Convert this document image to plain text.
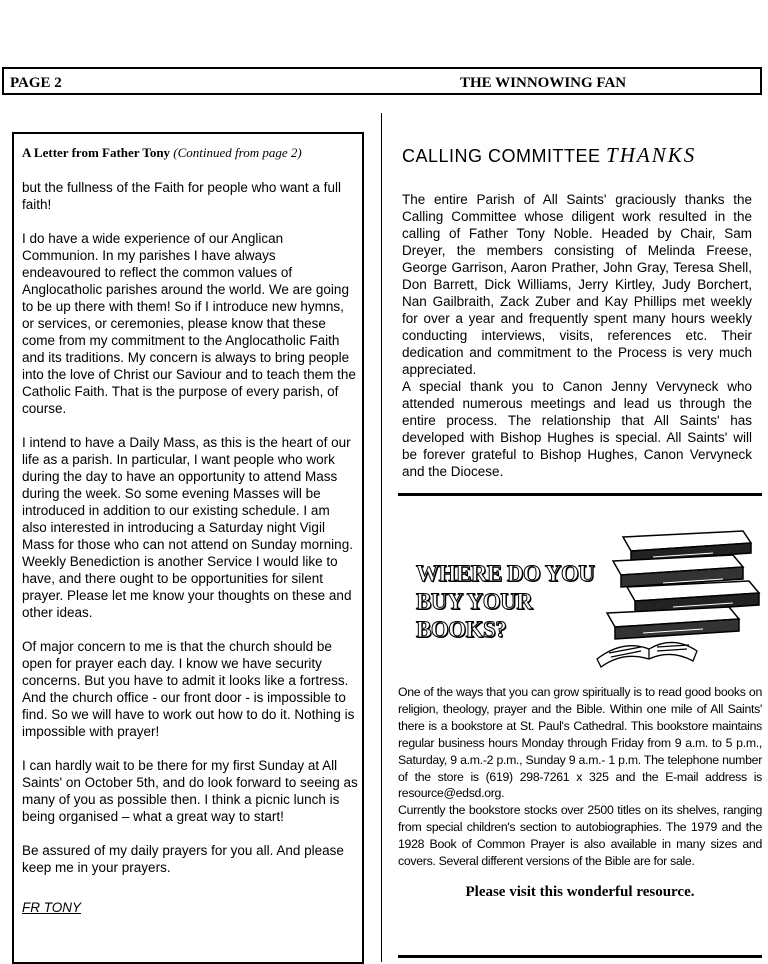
PAGE 2	THE WINNOWING FAN
A Letter from Father Tony (Continued from page 2)

but the fullness of the Faith for people who want a full faith!

I do have a wide experience of our Anglican Communion. In my parishes I have always endeavoured to reflect the common values of Anglocatholic parishes around the world. We are going to be up there with them! So if I introduce new hymns, or services, or ceremonies, please know that these come from my commitment to the Anglocatholic Faith and its traditions. My concern is always to bring people into the love of Christ our Saviour and to teach them the Catholic Faith. That is the purpose of every parish, of course.

I intend to have a Daily Mass, as this is the heart of our life as a parish. In particular, I want people who work during the day to have an opportunity to attend Mass during the week. So some evening Masses will be introduced in addition to our existing schedule. I am also interested in introducing a Saturday night Vigil Mass for those who can not attend on Sunday morning. Weekly Benediction is another Service I would like to have, and there ought to be opportunities for silent prayer. Please let me know your thoughts on these and other ideas.

Of major concern to me is that the church should be open for prayer each day. I know we have security concerns. But you have to admit it looks like a fortress. And the church office - our front door - is impossible to find. So we will have to work out how to do it. Nothing is impossible with prayer!

I can hardly wait to be there for my first Sunday at All Saints' on October 5th, and do look forward to seeing as many of you as possible then. I think a picnic lunch is being organised – what a great way to start!

Be assured of my daily prayers for you all. And please keep me in your prayers.

FR TONY
CALLING COMMITTEE THANKS

The entire Parish of All Saints' graciously thanks the Calling Committee whose diligent work resulted in the calling of Father Tony Noble. Headed by Chair, Sam Dreyer, the members consisting of Melinda Freese, George Garrison, Aaron Prather, John Gray, Teresa Shell, Don Barrett, Dick Williams, Jerry Kirtley, Judy Borchert, Nan Gailbraith, Zack Zuber and Kay Phillips met weekly for over a year and frequently spent many hours weekly conducting interviews, visits, references etc. Their dedication and commitment to the Process is very much appreciated.

A special thank you to Canon Jenny Vervyneck who attended numerous meetings and lead us through the entire process. The relationship that All Saints' has developed with Bishop Hughes is special. All Saints' will be forever grateful to Bishop Hughes, Canon Vervyneck and the Diocese.

WHERE DO YOU
BUY YOUR
BOOKS?

One of the ways that you can grow spiritually is to read good books on religion, theology, prayer and the Bible. Within one mile of All Saints' there is a bookstore at St. Paul's Cathedral. This bookstore maintains regular business hours Monday through Friday from 9 a.m. to 5 p.m., Saturday, 9 a.m.-2 p.m., Sunday 9 a.m.- 1 p.m. The telephone number of the store is (619) 298-7261 x 325 and the E-mail address is resource@edsd.org.

Currently the bookstore stocks over 2500 titles on its shelves, ranging from special children's section to autobiographies. The 1979 and the 1928 Book of Common Prayer is also available in many sizes and covers. Several different versions of the Bible are for sale.

Please visit this wonderful resource.
